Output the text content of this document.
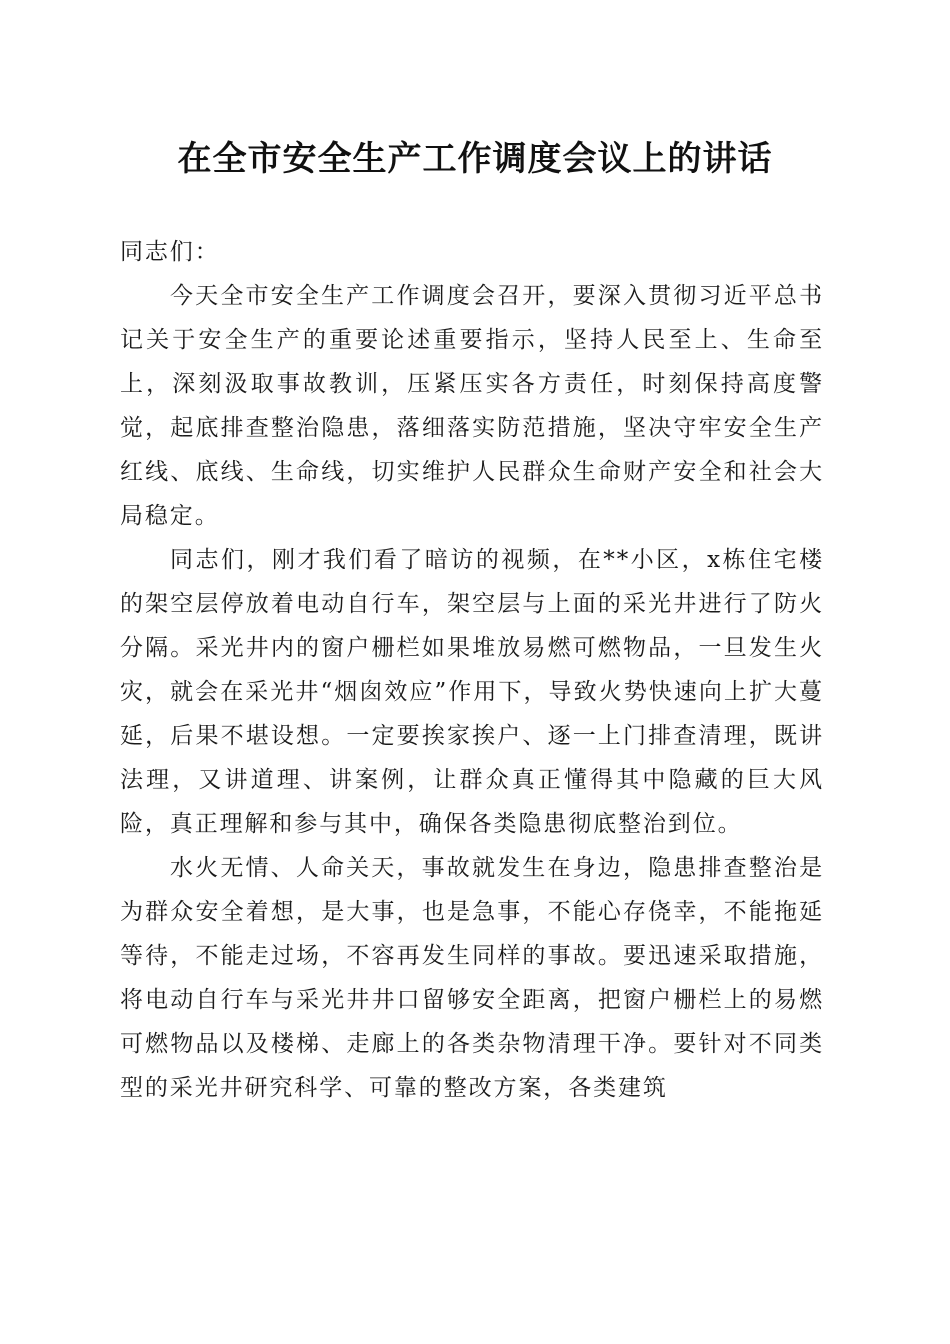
在全市安全生产工作调度会议上的讲话

同志们：

今天全市安全生产工作调度会召开，要深入贯彻习近平总书记关于安全生产的重要论述重要指示，坚持人民至上、生命至上，深刻汲取事故教训，压紧压实各方责任，时刻保持高度警觉，起底排查整治隐患，落细落实防范措施，坚决守牢安全生产红线、底线、生命线，切实维护人民群众生命财产安全和社会大局稳定。

同志们，刚才我们看了暗访的视频，在**小区，x栋住宅楼的架空层停放着电动自行车，架空层与上面的采光井进行了防火分隔。采光井内的窗户栅栏如果堆放易燃可燃物品，一旦发生火灾，就会在采光井“烟囱效应”作用下，导致火势快速向上扩大蔓延，后果不堪设想。一定要挨家挨户、逐一上门排查清理，既讲法理，又讲道理、讲案例，让群众真正懂得其中隐藏的巨大风险，真正理解和参与其中，确保各类隐患彻底整治到位。

水火无情、人命关天，事故就发生在身边，隐患排查整治是为群众安全着想，是大事，也是急事，不能心存侥幸，不能拖延等待，不能走过场，不容再发生同样的事故。要迅速采取措施，将电动自行车与采光井井口留够安全距离，把窗户栅栏上的易燃可燃物品以及楼梯、走廊上的各类杂物清理干净。要针对不同类型的采光井研究科学、可靠的整改方案，各类建筑
